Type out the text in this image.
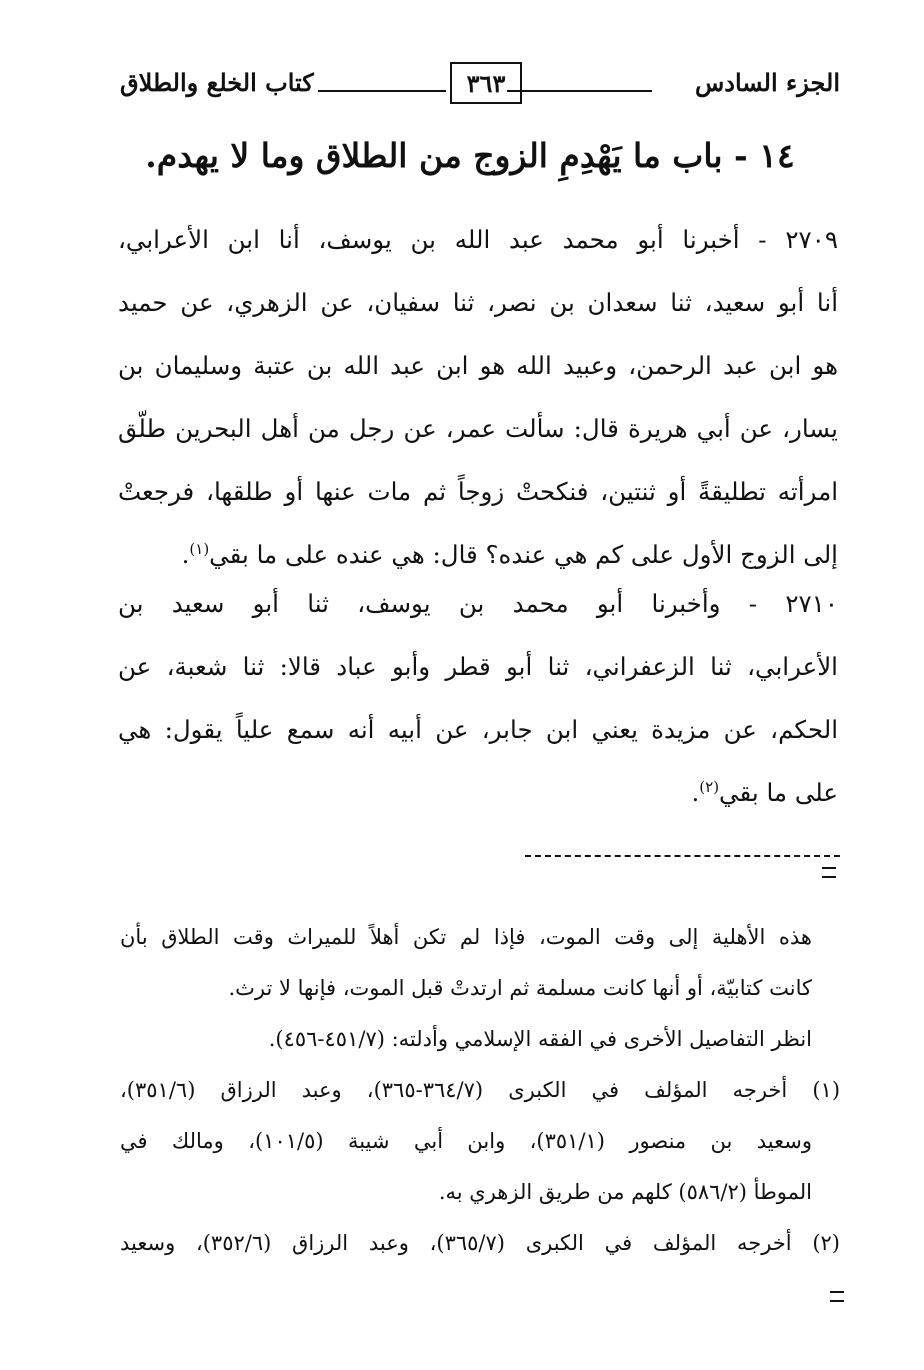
الجزء السادس
٣٦٣
كتاب الخلع والطلاق
١٤ - باب ما يَهْدِمِ الزوج من الطلاق وما لا يهدم.
٢٧٠٩ - أخبرنا أبو محمد عبد الله بن يوسف، أنا ابن الأعرابي،
أنا أبو سعيد، ثنا سعدان بن نصر، ثنا سفيان، عن الزهري، عن حميد
هو ابن عبد الرحمن، وعبيد الله هو ابن عبد الله بن عتبة وسليمان بن
يسار، عن أبي هريرة قال: سألت عمر، عن رجل من أهل البحرين طلّق
امرأته تطليقةً أو ثنتين، فنكحتْ زوجاً ثم مات عنها أو طلقها، فرجعتْ
إلى الزوج الأول على كم هي عنده؟ قال: هي عنده على ما بقي$^{(١)}$.
٢٧١٠ - وأخبرنا أبو محمد بن يوسف، ثنا أبو سعيد بن
الأعرابي، ثنا الزعفراني، ثنا أبو قطر وأبو عباد قالا: ثنا شعبة، عن
الحكم، عن مزيدة يعني ابن جابر، عن أبيه أنه سمع علياً يقول: هي
على ما بقي$^{(٢)}$.
هذه الأهلية إلى وقت الموت، فإذا لم تكن أهلاً للميراث وقت الطلاق بأن
كانت كتابيّة، أو أنها كانت مسلمة ثم ارتدتْ قبل الموت، فإنها لا ترث.
انظر التفاصيل الأخرى في الفقه الإسلامي وأدلته: (٤٥١/٧-٤٥٦).
(١) أخرجه المؤلف في الكبرى (٣٦٤/٧-٣٦٥)، وعبد الرزاق (٣٥١/٦)،
وسعيد بن منصور (٣٥١/١)، وابن أبي شيبة (١٠١/٥)، ومالك في
الموطأ (٥٨٦/٢) كلهم من طريق الزهري به.
(٢) أخرجه المؤلف في الكبرى (٣٦٥/٧)، وعبد الرزاق (٣٥٢/٦)، وسعيد
